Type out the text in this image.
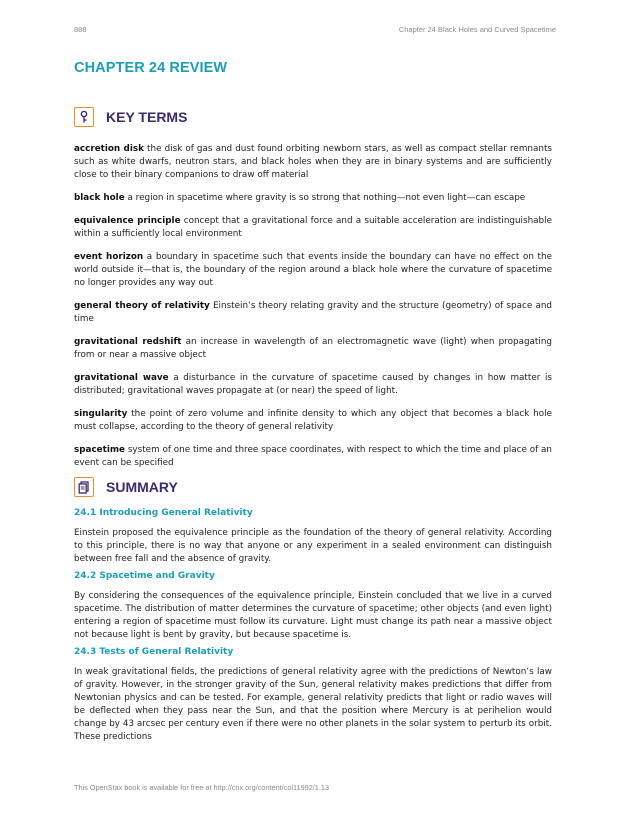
888	Chapter 24 Black Holes and Curved Spacetime
CHAPTER 24 REVIEW
KEY TERMS

accretion disk the disk of gas and dust found orbiting newborn stars, as well as compact stellar remnants such as white dwarfs, neutron stars, and black holes when they are in binary systems and are sufficiently close to their binary companions to draw off material

black hole a region in spacetime where gravity is so strong that nothing—not even light—can escape

equivalence principle concept that a gravitational force and a suitable acceleration are indistinguishable within a sufficiently local environment

event horizon a boundary in spacetime such that events inside the boundary can have no effect on the world outside it—that is, the boundary of the region around a black hole where the curvature of spacetime no longer provides any way out

general theory of relativity Einstein’s theory relating gravity and the structure (geometry) of space and time

gravitational redshift an increase in wavelength of an electromagnetic wave (light) when propagating from or near a massive object

gravitational wave a disturbance in the curvature of spacetime caused by changes in how matter is distributed; gravitational waves propagate at (or near) the speed of light.

singularity the point of zero volume and infinite density to which any object that becomes a black hole must collapse, according to the theory of general relativity

spacetime system of one time and three space coordinates, with respect to which the time and place of an event can be specified

SUMMARY
24.1 Introducing General Relativity

Einstein proposed the equivalence principle as the foundation of the theory of general relativity. According to this principle, there is no way that anyone or any experiment in a sealed environment can distinguish between free fall and the absence of gravity.

24.2 Spacetime and Gravity

By considering the consequences of the equivalence principle, Einstein concluded that we live in a curved spacetime. The distribution of matter determines the curvature of spacetime; other objects (and even light) entering a region of spacetime must follow its curvature. Light must change its path near a massive object not because light is bent by gravity, but because spacetime is.

24.3 Tests of General Relativity

In weak gravitational fields, the predictions of general relativity agree with the predictions of Newton’s law of gravity. However, in the stronger gravity of the Sun, general relativity makes predictions that differ from Newtonian physics and can be tested. For example, general relativity predicts that light or radio waves will be deflected when they pass near the Sun, and that the position where Mercury is at perihelion would change by 43 arcsec per century even if there were no other planets in the solar system to perturb its orbit. These predictions

This OpenStax book is available for free at http://cnx.org/content/col11992/1.13
